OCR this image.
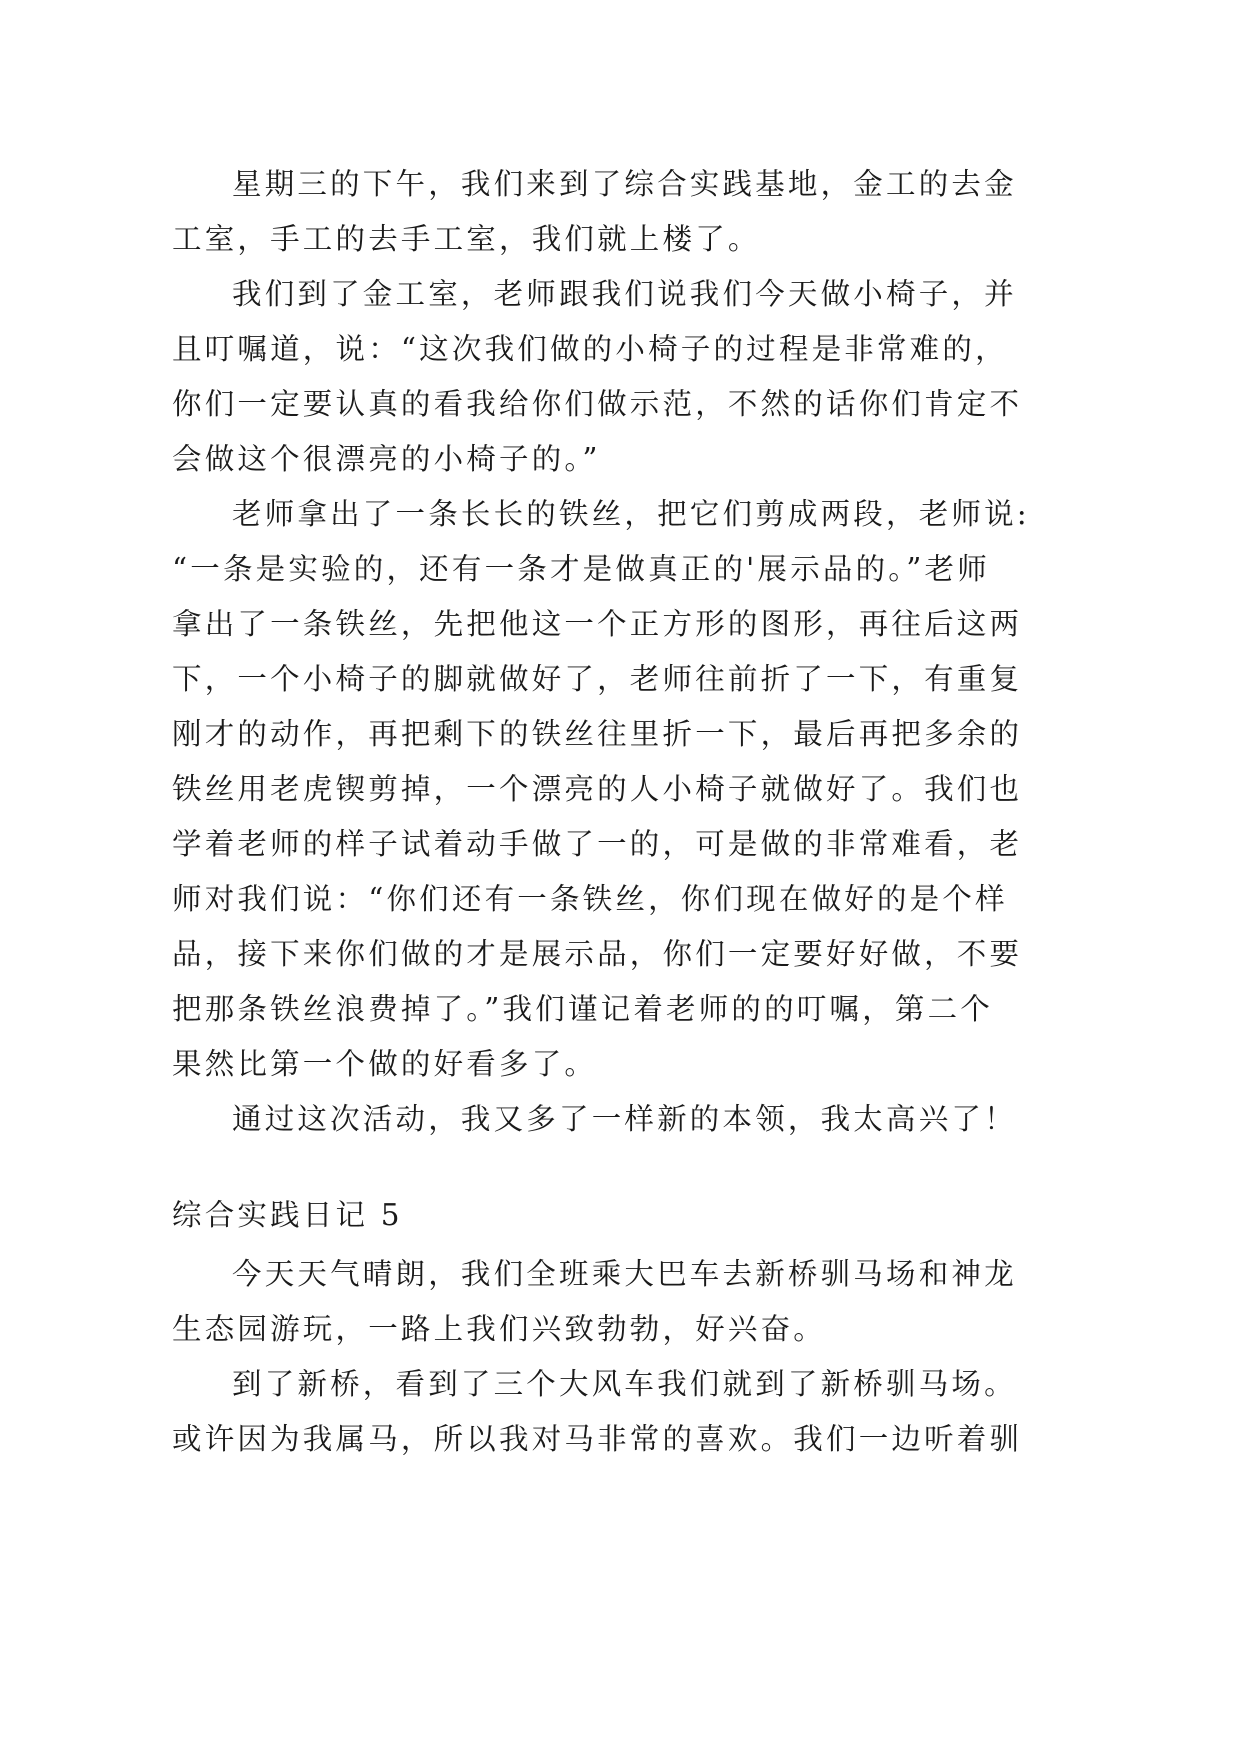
星期三的下午，我们来到了综合实践基地，金工的去金

工室，手工的去手工室，我们就上楼了。

我们到了金工室，老师跟我们说我们今天做小椅子，并

且叮嘱道，说：“这次我们做的小椅子的过程是非常难的，

你们一定要认真的看我给你们做示范，不然的话你们肯定不

会做这个很漂亮的小椅子的。”

老师拿出了一条长长的铁丝，把它们剪成两段，老师说:

“一条是实验的，还有一条才是做真正的'展示品的。”老师

拿出了一条铁丝，先把他这一个正方形的图形，再往后这两

下，一个小椅子的脚就做好了，老师往前折了一下，有重复

刚才的动作，再把剩下的铁丝往里折一下，最后再把多余的

铁丝用老虎锲剪掉，一个漂亮的人小椅子就做好了。我们也

学着老师的样子试着动手做了一的，可是做的非常难看，老

师对我们说：“你们还有一条铁丝，你们现在做好的是个样

品，接下来你们做的才是展示品，你们一定要好好做，不要

把那条铁丝浪费掉了。”我们谨记着老师的的叮嘱，第二个

果然比第一个做的好看多了。

通过这次活动，我又多了一样新的本领，我太高兴了！

综合实践日记 5

今天天气晴朗，我们全班乘大巴车去新桥驯马场和神龙

生态园游玩，一路上我们兴致勃勃，好兴奋。

到了新桥，看到了三个大风车我们就到了新桥驯马场。

或许因为我属马，所以我对马非常的喜欢。我们一边听着驯
